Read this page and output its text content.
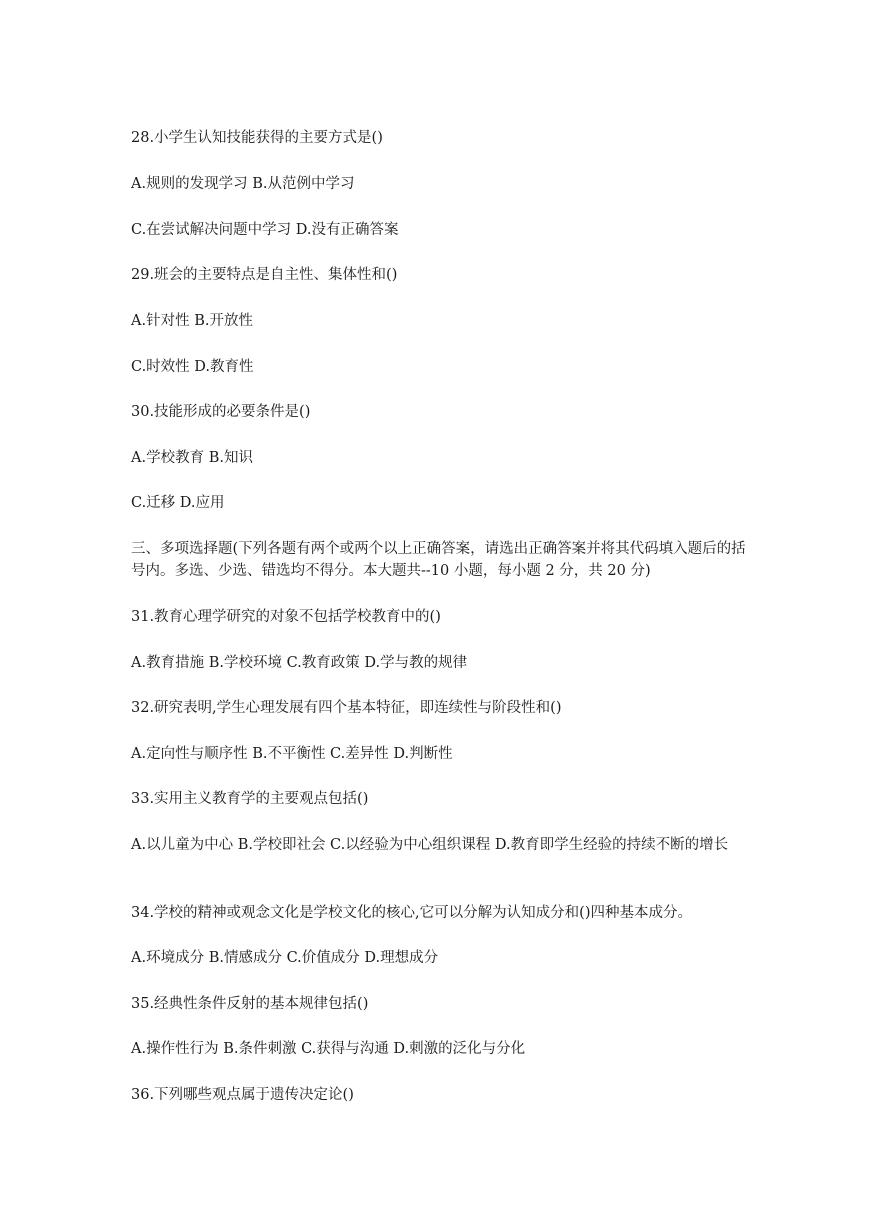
28.小学生认知技能获得的主要方式是()
A.规则的发现学习 B.从范例中学习
C.在尝试解决问题中学习 D.没有正确答案
29.班会的主要特点是自主性、集体性和()
A.针对性 B.开放性
C.时效性 D.教育性
30.技能形成的必要条件是()
A.学校教育 B.知识
C.迁移 D.应用
三、多项选择题(下列各题有两个或两个以上正确答案，请选出正确答案并将其代码填入题后的括号内。多选、少选、错选均不得分。本大题共--10 小题，每小题 2 分，共 20 分)
31.教育心理学研究的对象不包括学校教育中的()
A.教育措施 B.学校环境 C.教育政策 D.学与教的规律
32.研究表明,学生心理发展有四个基本特征，即连续性与阶段性和()
A.定向性与顺序性 B.不平衡性 C.差异性 D.判断性
33.实用主义教育学的主要观点包括()
A.以儿童为中心 B.学校即社会 C.以经验为中心组织课程 D.教育即学生经验的持续不断的增长
34.学校的精神或观念文化是学校文化的核心,它可以分解为认知成分和()四种基本成分。
A.环境成分 B.情感成分 C.价值成分 D.理想成分
35.经典性条件反射的基本规律包括()
A.操作性行为 B.条件刺激 C.获得与沟通 D.刺激的泛化与分化
36.下列哪些观点属于遗传决定论()
